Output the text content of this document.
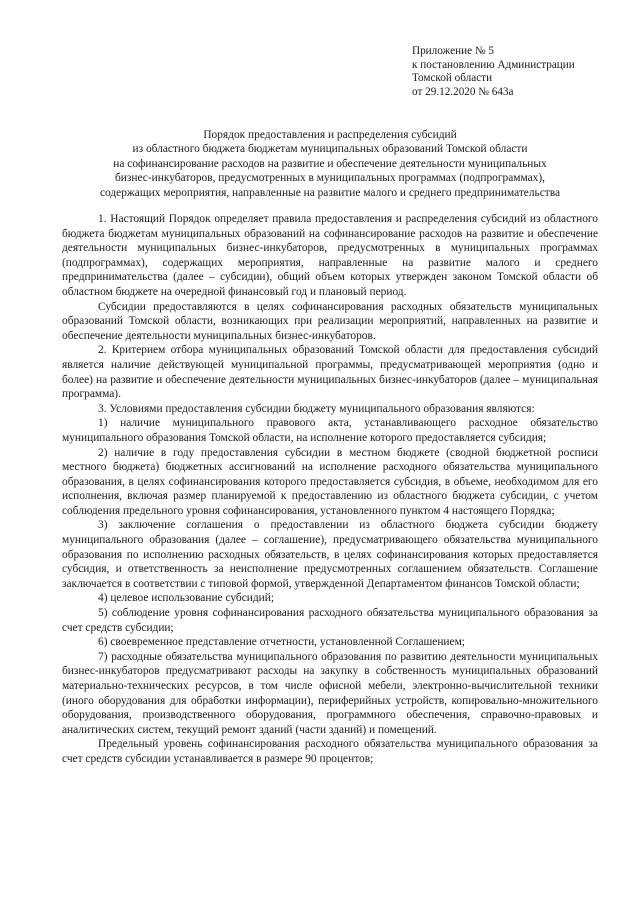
Приложение № 5
к постановлению Администрации
Томской области
от 29.12.2020 № 643а
Порядок предоставления и распределения субсидий
из областного бюджета бюджетам муниципальных образований Томской области
на софинансирование расходов на развитие и обеспечение деятельности муниципальных
бизнес-инкубаторов, предусмотренных в муниципальных программах (подпрограммах),
содержащих мероприятия, направленные на развитие малого и среднего предпринимательства

1. Настоящий Порядок определяет правила предоставления и распределения субсидий из областного бюджета бюджетам муниципальных образований на софинансирование расходов на развитие и обеспечение деятельности муниципальных бизнес-инкубаторов, предусмотренных в муниципальных программах (подпрограммах), содержащих мероприятия, направленные на развитие малого и среднего предпринимательства (далее – субсидии), общий объем которых утвержден законом Томской области об областном бюджете на очередной финансовый год и плановый период.

Субсидии предоставляются в целях софинансирования расходных обязательств муниципальных образований Томской области, возникающих при реализации мероприятий, направленных на развитие и обеспечение деятельности муниципальных бизнес-инкубаторов.

2. Критерием отбора муниципальных образований Томской области для предоставления субсидий является наличие действующей муниципальной программы, предусматривающей мероприятия (одно и более) на развитие и обеспечение деятельности муниципальных бизнес-инкубаторов (далее – муниципальная программа).

3. Условиями предоставления субсидии бюджету муниципального образования являются:

1) наличие муниципального правового акта, устанавливающего расходное обязательство муниципального образования Томской области, на исполнение которого предоставляется субсидия;

2) наличие в году предоставления субсидии в местном бюджете (сводной бюджетной росписи местного бюджета) бюджетных ассигнований на исполнение расходного обязательства муниципального образования, в целях софинансирования которого предоставляется субсидия, в объеме, необходимом для его исполнения, включая размер планируемой к предоставлению из областного бюджета субсидии, с учетом соблюдения предельного уровня софинансирования, установленного пунктом 4 настоящего Порядка;

3) заключение соглашения о предоставлении из областного бюджета субсидии бюджету муниципального образования (далее – соглашение), предусматривающего обязательства муниципального образования по исполнению расходных обязательств, в целях софинансирования которых предоставляется субсидия, и ответственность за неисполнение предусмотренных соглашением обязательств. Соглашение заключается в соответствии с типовой формой, утвержденной Департаментом финансов Томской области;

4) целевое использование субсидий;

5) соблюдение уровня софинансирования расходного обязательства муниципального образования за счет средств субсидии;

6) своевременное представление отчетности, установленной Соглашением;

7) расходные обязательства муниципального образования по развитию деятельности муниципальных бизнес-инкубаторов предусматривают расходы на закупку в собственность муниципальных образований материально-технических ресурсов, в том числе офисной мебели, электронно-вычислительной техники (иного оборудования для обработки информации), периферийных устройств, копировально-множительного оборудования, производственного оборудования, программного обеспечения, справочно-правовых и аналитических систем, текущий ремонт зданий (части зданий) и помещений.

Предельный уровень софинансирования расходного обязательства муниципального образования за счет средств субсидии устанавливается в размере 90 процентов;
